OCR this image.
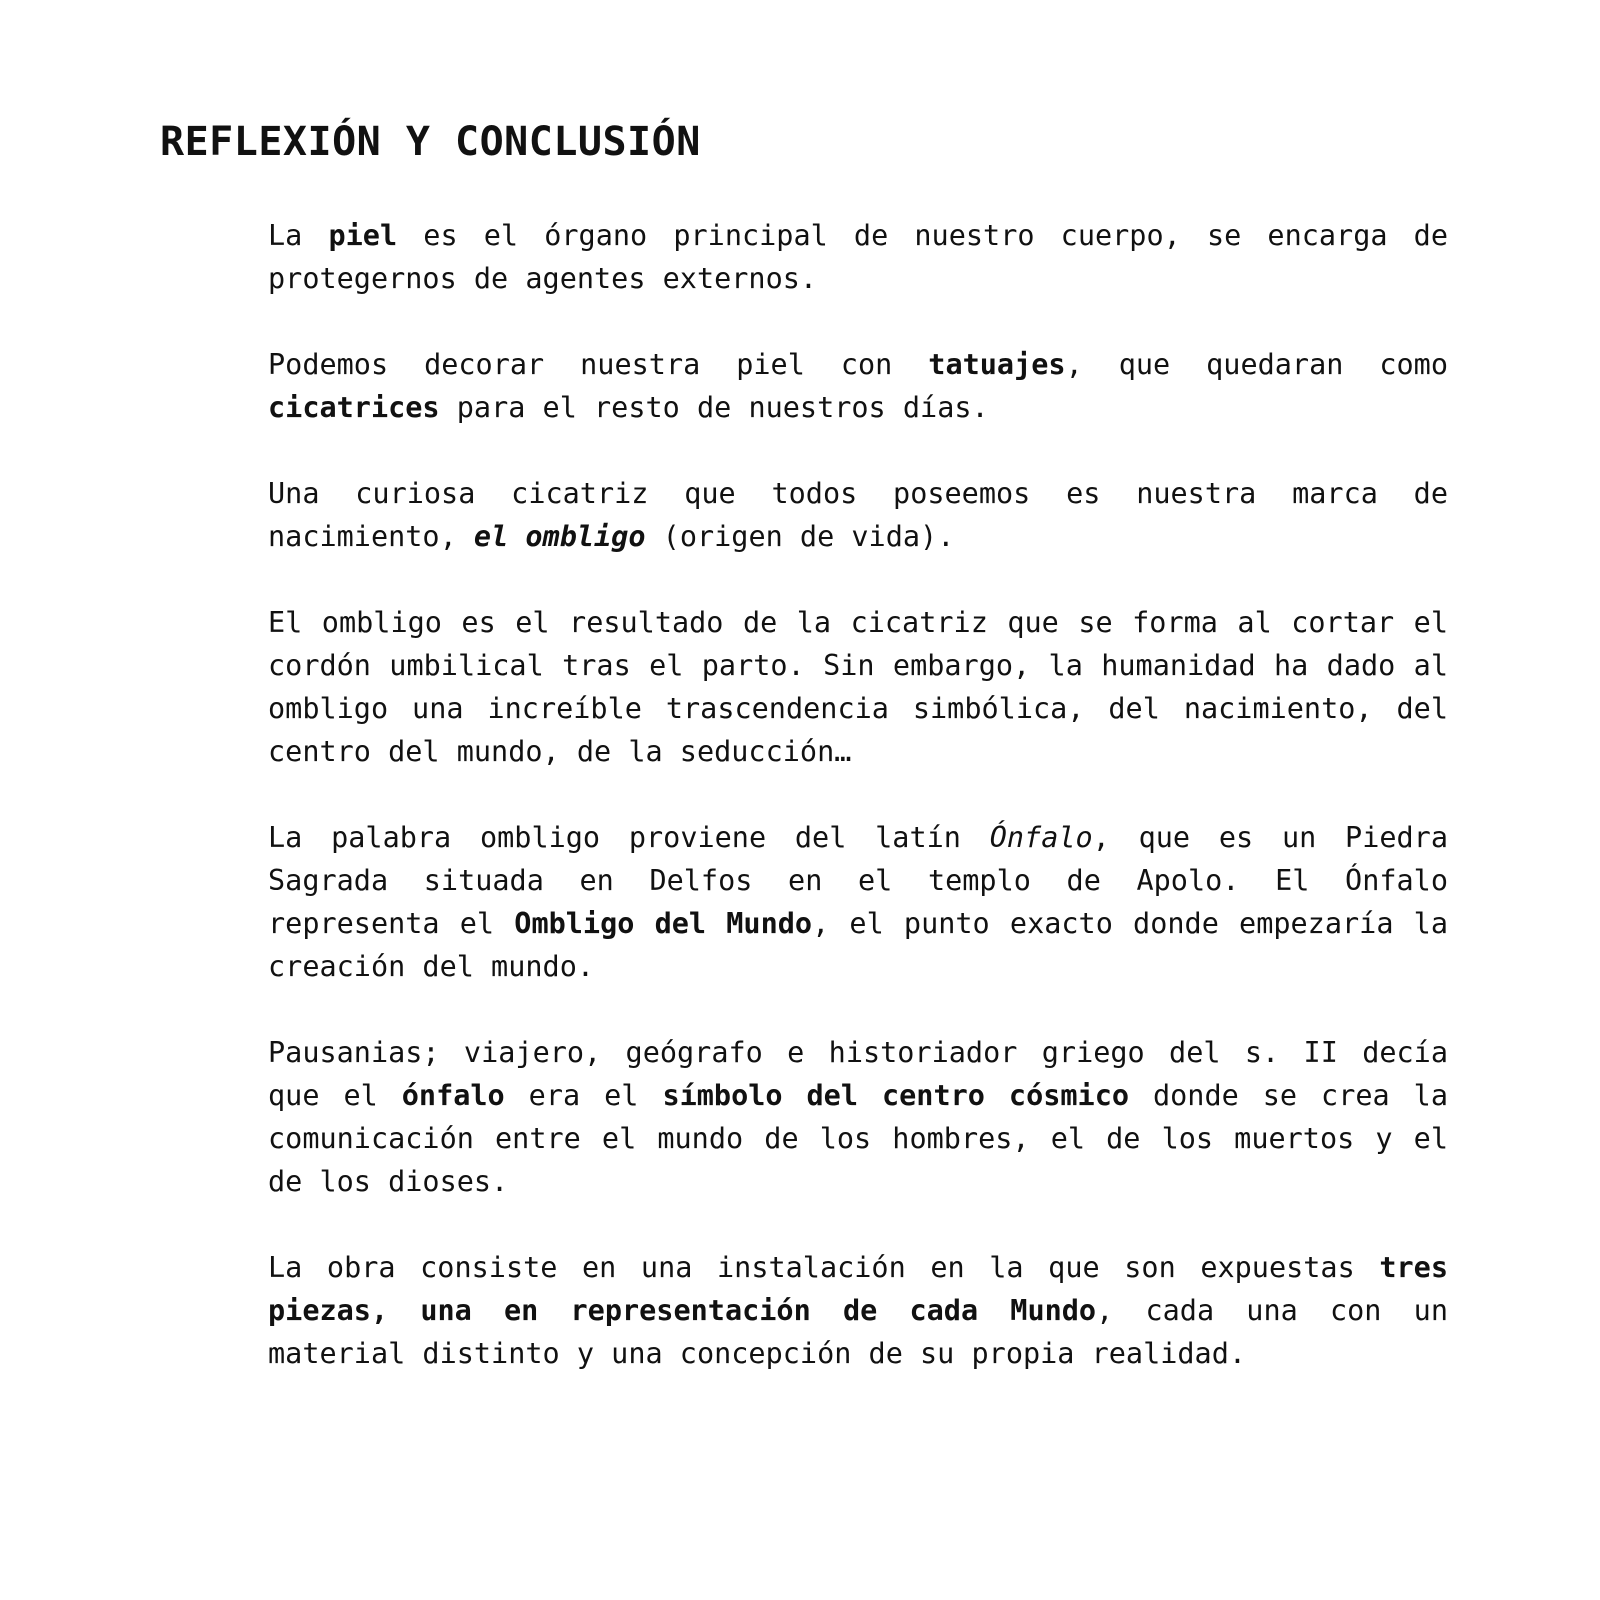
REFLEXIÓN Y CONCLUSIÓN

La piel es el órgano principal de nuestro cuerpo, se encarga de protegernos de agentes externos.

Podemos decorar nuestra piel con tatuajes, que quedaran como cicatrices para el resto de nuestros días.

Una curiosa cicatriz que todos poseemos es nuestra marca de nacimiento, el ombligo (origen de vida).

El ombligo es el resultado de la cicatriz que se forma al cortar el cordón umbilical tras el parto. Sin embargo, la humanidad ha dado al ombligo una increíble trascendencia simbólica, del nacimiento, del centro del mundo, de la seducción…

La palabra ombligo proviene del latín Ónfalo, que es un Piedra Sagrada situada en Delfos en el templo de Apolo. El Ónfalo representa el Ombligo del Mundo, el punto exacto donde empezaría la creación del mundo.

Pausanias; viajero, geógrafo e historiador griego del s. II decía que el ónfalo era el símbolo del centro cósmico donde se crea la comunicación entre el mundo de los hombres, el de los muertos y el de los dioses.

La obra consiste en una instalación en la que son expuestas tres piezas, una en representación de cada Mundo, cada una con un material distinto y una concepción de su propia realidad.
